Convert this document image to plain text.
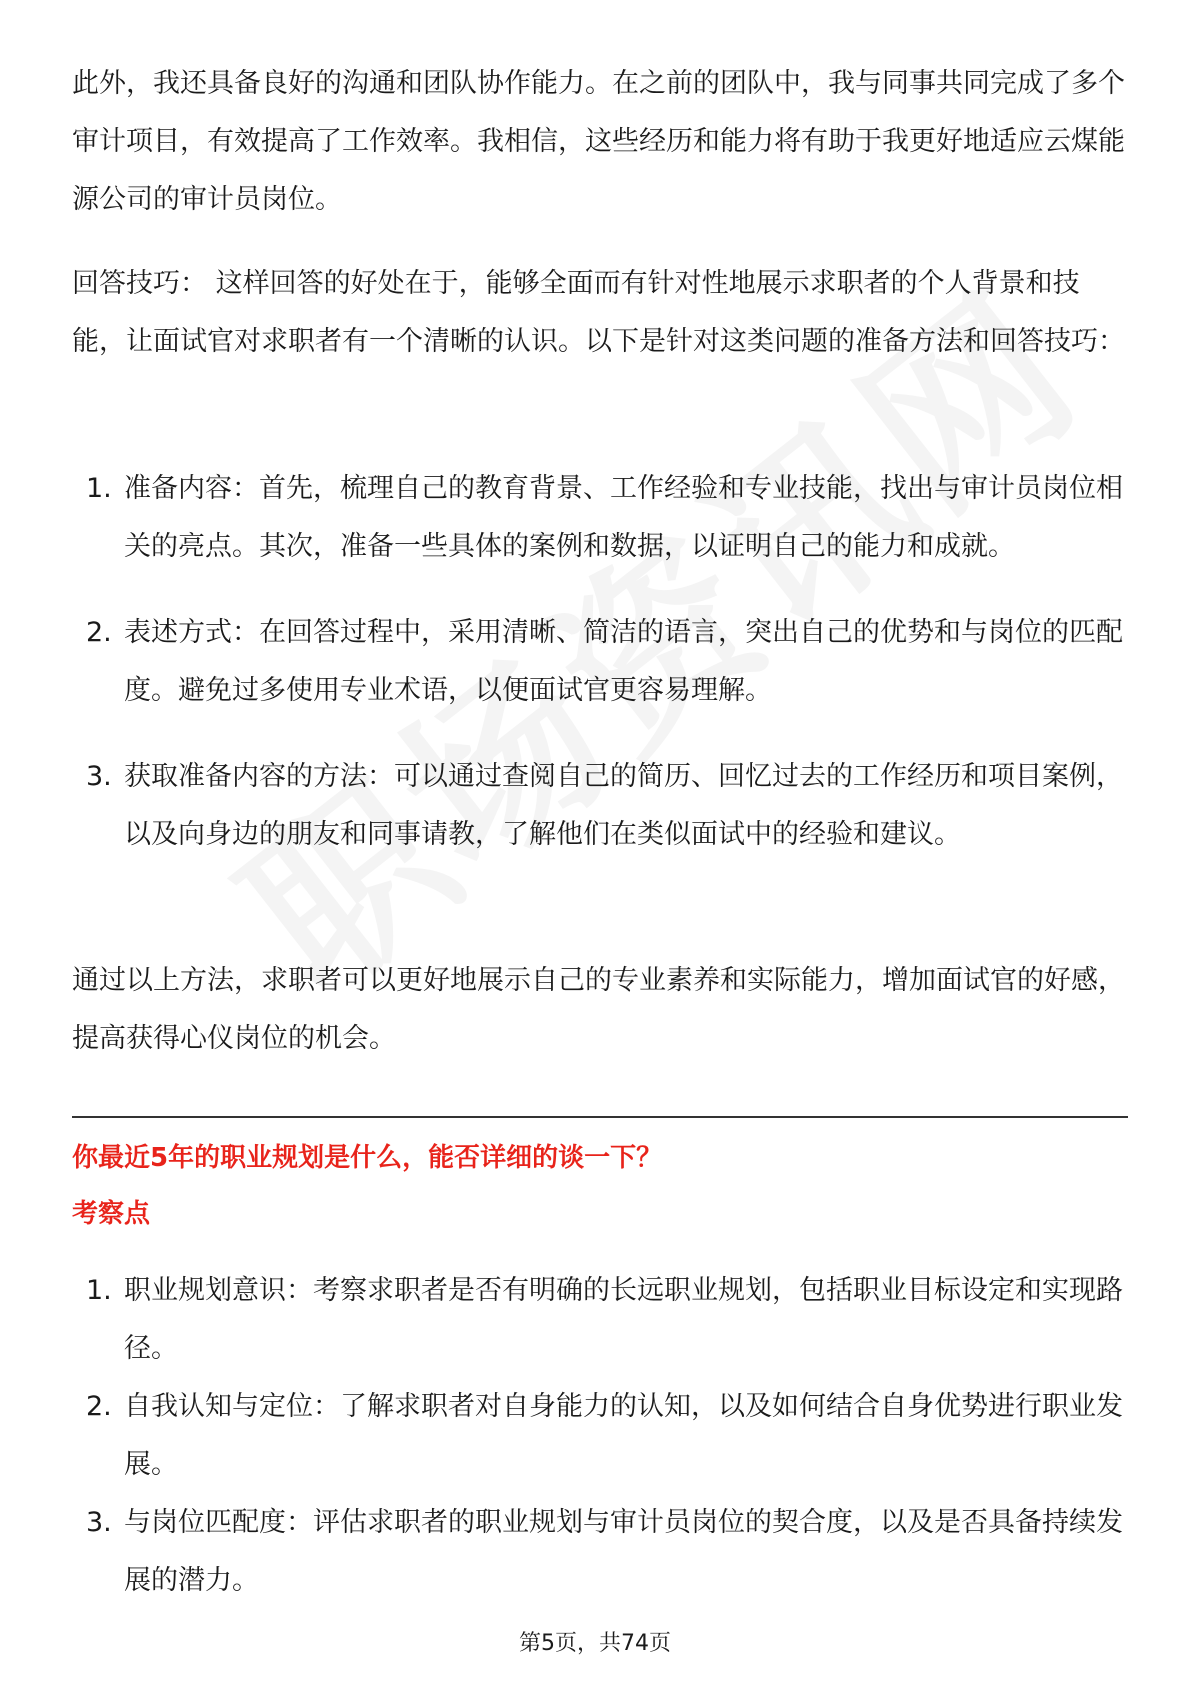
此外，我还具备良好的沟通和团队协作能力。在之前的团队中，我与同事共同完成了多个审计项目，有效提高了工作效率。我相信，这些经历和能力将有助于我更好地适应云煤能源公司的审计员岗位。

回答技巧： 这样回答的好处在于，能够全面而有针对性地展示求职者的个人背景和技能，让面试官对求职者有一个清晰的认识。以下是针对这类问题的准备方法和回答技巧：

1. 准备内容：首先，梳理自己的教育背景、工作经验和专业技能，找出与审计员岗位相关的亮点。其次，准备一些具体的案例和数据，以证明自己的能力和成就。
2. 表述方式：在回答过程中，采用清晰、简洁的语言，突出自己的优势和与岗位的匹配度。避免过多使用专业术语，以便面试官更容易理解。
3. 获取准备内容的方法：可以通过查阅自己的简历、回忆过去的工作经历和项目案例，以及向身边的朋友和同事请教，了解他们在类似面试中的经验和建议。

通过以上方法，求职者可以更好地展示自己的专业素养和实际能力，增加面试官的好感，提高获得心仪岗位的机会。

你最近5年的职业规划是什么，能否详细的谈一下？
考察点
1. 职业规划意识：考察求职者是否有明确的长远职业规划，包括职业目标设定和实现路径。
2. 自我认知与定位：了解求职者对自身能力的认知，以及如何结合自身优势进行职业发展。
3. 与岗位匹配度：评估求职者的职业规划与审计员岗位的契合度，以及是否具备持续发展的潜力。
第5页，共74页
